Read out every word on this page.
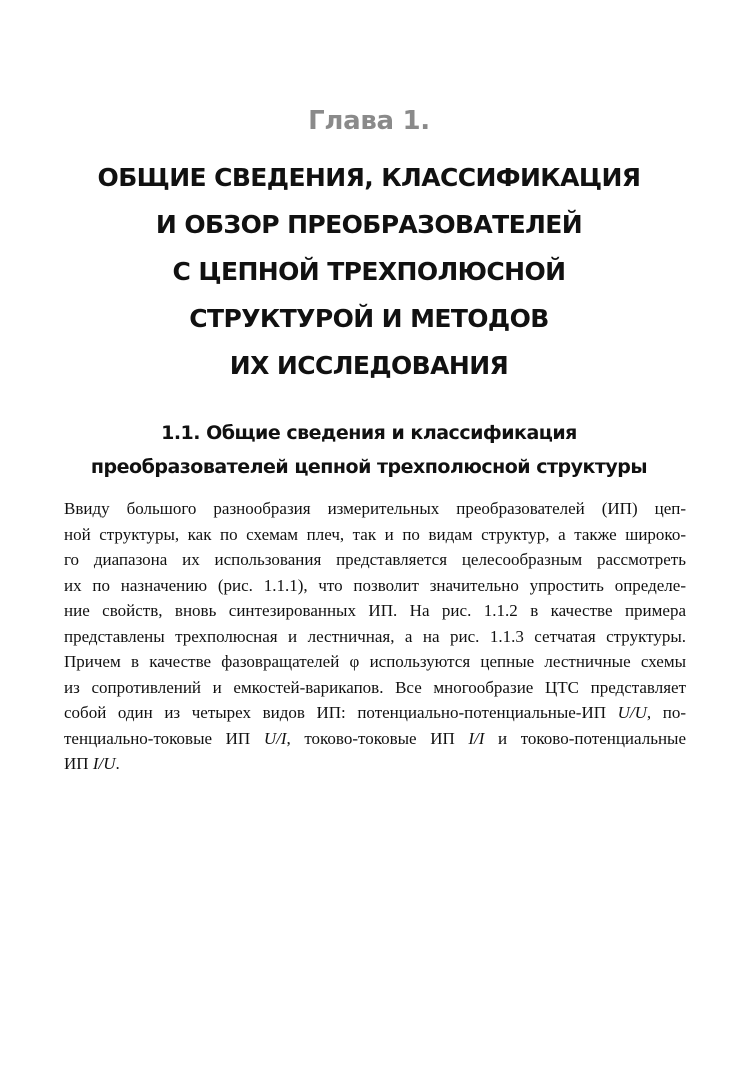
Глава 1.
ОБЩИЕ СВЕДЕНИЯ, КЛАССИФИКАЦИЯ
И ОБЗОР ПРЕОБРАЗОВАТЕЛЕЙ
С ЦЕПНОЙ ТРЕХПОЛЮСНОЙ
СТРУКТУРОЙ И МЕТОДОВ
ИХ ИССЛЕДОВАНИЯ
1.1. Общие сведения и классификация
преобразователей цепной трехполюсной структуры
Ввиду большого разнообразия измерительных преобразователей (ИП) цеп-
ной структуры, как по схемам плеч, так и по видам структур, а также широко-
го диапазона их использования представляется целесообразным рассмотреть
их по назначению (рис. 1.1.1), что позволит значительно упростить определе-
ние свойств, вновь синтезированных ИП. На рис. 1.1.2 в качестве примера
представлены трехполюсная и лестничная, а на рис. 1.1.3 сетчатая структуры.
Причем в качестве фазовращателей φ используются цепные лестничные схемы
из сопротивлений и емкостей-варикапов. Все многообразие ЦТС представляет
собой один из четырех видов ИП: потенциально-потенциальные-ИП U/U, по-
тенциально-токовые ИП U/I, токово-токовые ИП I/I и токово-потенциальные
ИП I/U.
